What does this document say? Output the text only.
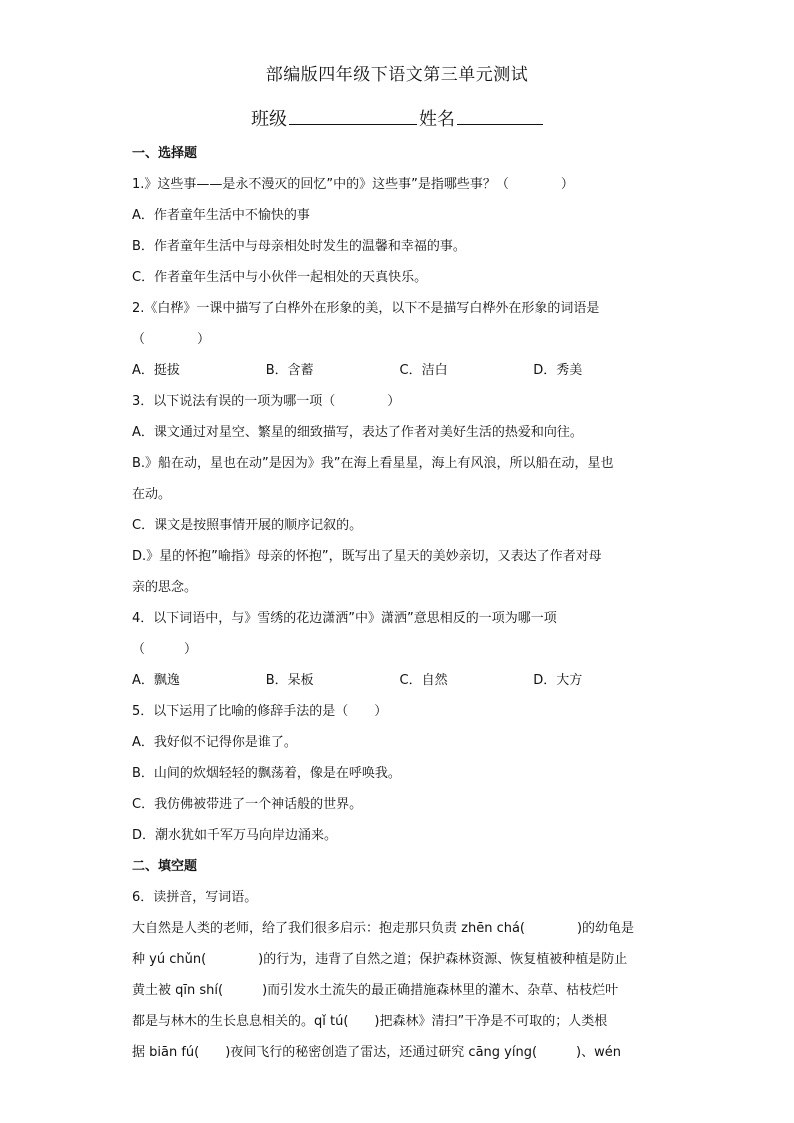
部编版四年级下语文第三单元测试
班级	姓名
一、选择题
1.》这些事——是永不漫灭的回忆”中的》这些事”是指哪些事？（　　　　）
A．作者童年生活中不愉快的事
B．作者童年生活中与母亲相处时发生的温馨和幸福的事。
C．作者童年生活中与小伙伴一起相处的天真快乐。
2.《白桦》一课中描写了白桦外在形象的美，以下不是描写白桦外在形象的词语是
（　　　　）
A．挺拔	B．含蓄	C．洁白	D．秀美
3．以下说法有误的一项为哪一项（　　　　）
A．课文通过对星空、繁星的细致描写，表达了作者对美好生活的热爱和向往。
B.》船在动，星也在动”是因为》我”在海上看星星，海上有风浪，所以船在动，星也
在动。
C．课文是按照事情开展的顺序记叙的。
D.》星的怀抱”喻指》母亲的怀抱”，既写出了星天的美妙亲切，又表达了作者对母
亲的思念。
4．以下词语中，与》雪绣的花边潇洒”中》潇洒”意思相反的一项为哪一项
（　　　）
A．飘逸	B．呆板	C．自然	D．大方
5．以下运用了比喻的修辞手法的是（　　）
A．我好似不记得你是谁了。
B．山间的炊烟轻轻的飘荡着，像是在呼唤我。
C．我仿佛被带进了一个神话般的世界。
D．潮水犹如千军万马向岸边涌来。
二、填空题
6．读拼音，写词语。
大自然是人类的老师，给了我们很多启示：抱走那只负责 zhēn chá(　　　　)的幼龟是
种 yú chǔn(　　　　)的行为，违背了自然之道；保护森林资源、恢复植被种植是防止
黄土被 qīn shí(　　　)而引发水土流失的最正确措施森林里的灌木、杂草、枯枝烂叶
都是与林木的生长息息相关的。qǐ tú(　　)把森林》清扫”干净是不可取的；人类根
据 biān fú(　　)夜间飞行的秘密创造了雷达，还通过研究 cāng yíng(　　　)、wén
